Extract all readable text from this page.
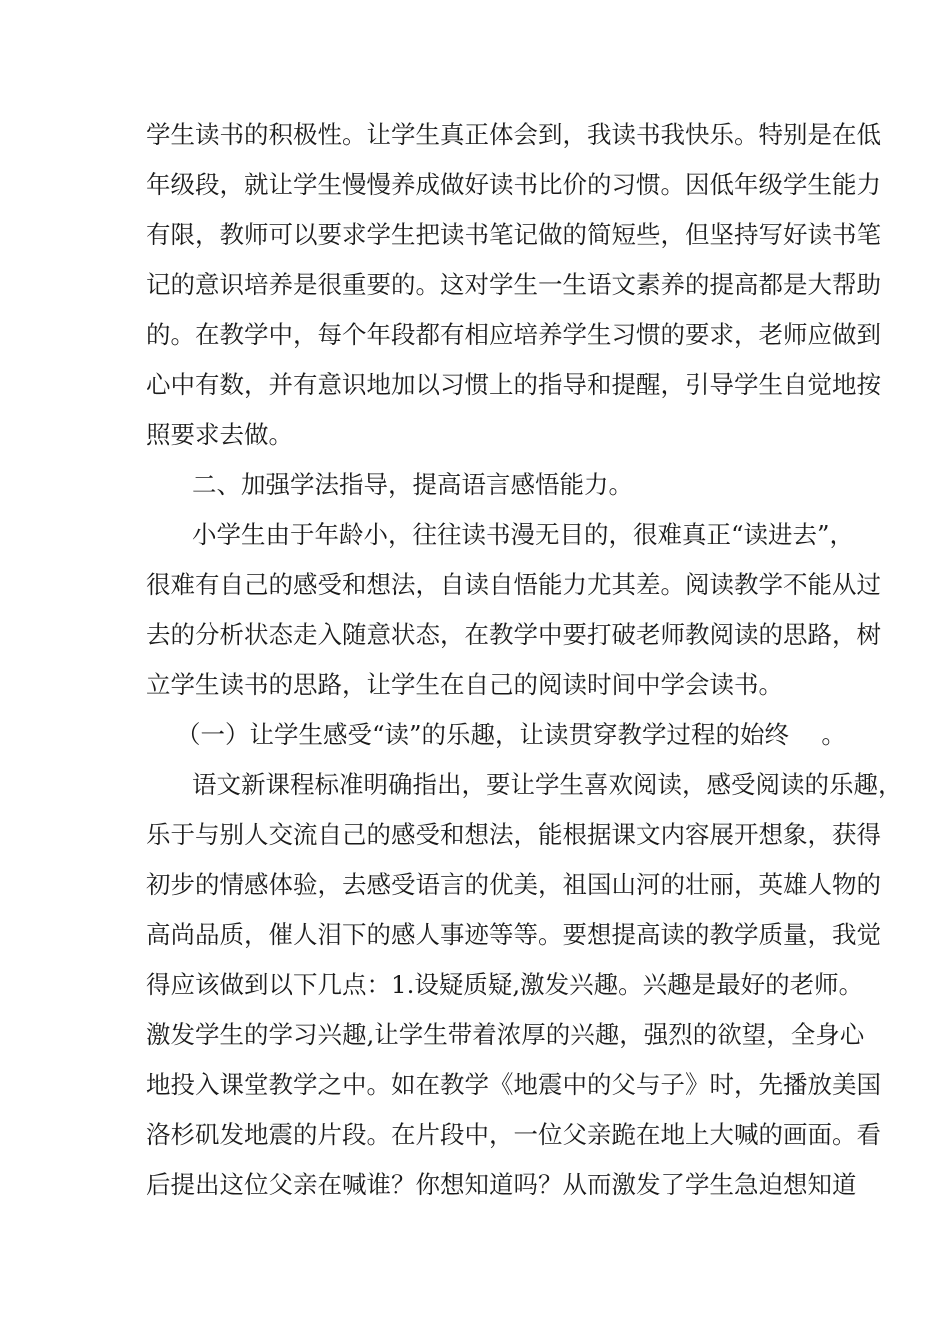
学生读书的积极性。让学生真正体会到，我读书我快乐。特别是在低
年级段，就让学生慢慢养成做好读书比价的习惯。因低年级学生能力
有限，教师可以要求学生把读书笔记做的简短些，但坚持写好读书笔
记的意识培养是很重要的。这对学生一生语文素养的提高都是大帮助
的。在教学中，每个年段都有相应培养学生习惯的要求，老师应做到
心中有数，并有意识地加以习惯上的指导和提醒，引导学生自觉地按
照要求去做。
二、加强学法指导，提高语言感悟能力。
小学生由于年龄小，往往读书漫无目的，很难真正“读进去”，
很难有自己的感受和想法，自读自悟能力尤其差。阅读教学不能从过
去的分析状态走入随意状态，在教学中要打破老师教阅读的思路，树
立学生读书的思路，让学生在自己的阅读时间中学会读书。
（一）让学生感受“读”的乐趣，让读贯穿教学过程的始终 　。
语文新课程标准明确指出，要让学生喜欢阅读，感受阅读的乐趣，
乐于与别人交流自己的感受和想法，能根据课文内容展开想象，获得
初步的情感体验，去感受语言的优美，祖国山河的壮丽，英雄人物的
高尚品质，催人泪下的感人事迹等等。要想提高读的教学质量，我觉
得应该做到以下几点：1.设疑质疑,激发兴趣。兴趣是最好的老师。
激发学生的学习兴趣,让学生带着浓厚的兴趣，强烈的欲望，全身心
地投入课堂教学之中。如在教学《地震中的父与子》时，先播放美国
洛杉矶发地震的片段。在片段中，一位父亲跪在地上大喊的画面。看
后提出这位父亲在喊谁？你想知道吗？从而激发了学生急迫想知道
